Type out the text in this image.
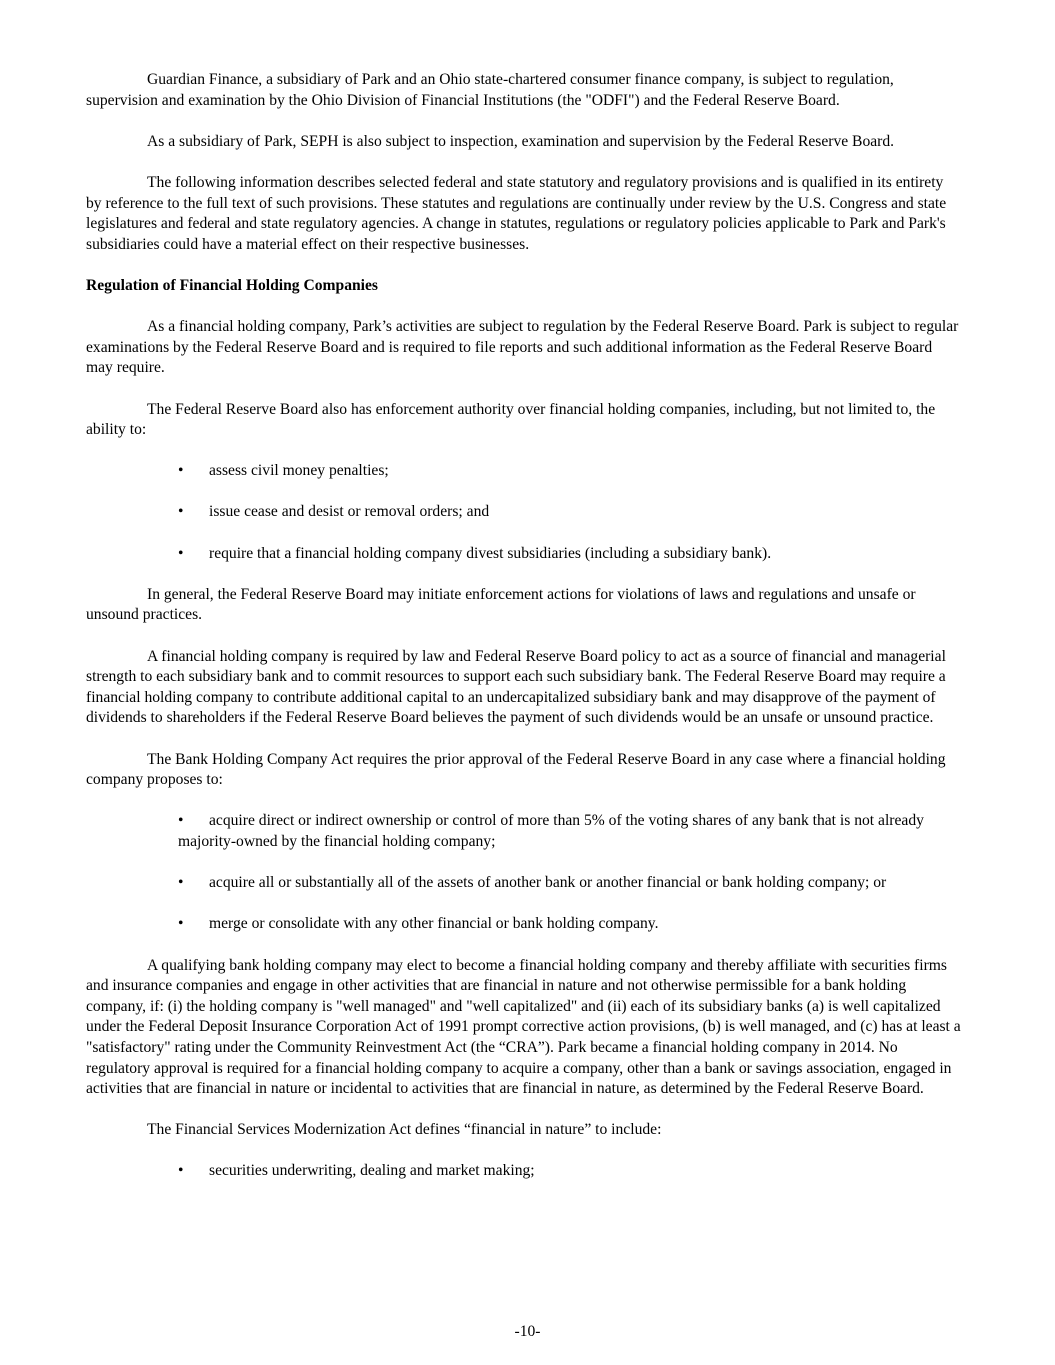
Guardian Finance, a subsidiary of Park and an Ohio state-chartered consumer finance company, is subject to regulation, supervision and examination by the Ohio Division of Financial Institutions (the "ODFI") and the Federal Reserve Board.

As a subsidiary of Park, SEPH is also subject to inspection, examination and supervision by the Federal Reserve Board.

The following information describes selected federal and state statutory and regulatory provisions and is qualified in its entirety by reference to the full text of such provisions. These statutes and regulations are continually under review by the U.S. Congress and state legislatures and federal and state regulatory agencies. A change in statutes, regulations or regulatory policies applicable to Park and Park's subsidiaries could have a material effect on their respective businesses.

Regulation of Financial Holding Companies

As a financial holding company, Park’s activities are subject to regulation by the Federal Reserve Board. Park is subject to regular examinations by the Federal Reserve Board and is required to file reports and such additional information as the Federal Reserve Board may require.

The Federal Reserve Board also has enforcement authority over financial holding companies, including, but not limited to, the ability to:

• assess civil money penalties;

• issue cease and desist or removal orders; and

• require that a financial holding company divest subsidiaries (including a subsidiary bank).

In general, the Federal Reserve Board may initiate enforcement actions for violations of laws and regulations and unsafe or unsound practices.

A financial holding company is required by law and Federal Reserve Board policy to act as a source of financial and managerial strength to each subsidiary bank and to commit resources to support each such subsidiary bank. The Federal Reserve Board may require a financial holding company to contribute additional capital to an undercapitalized subsidiary bank and may disapprove of the payment of dividends to shareholders if the Federal Reserve Board believes the payment of such dividends would be an unsafe or unsound practice.

The Bank Holding Company Act requires the prior approval of the Federal Reserve Board in any case where a financial holding company proposes to:

• acquire direct or indirect ownership or control of more than 5% of the voting shares of any bank that is not already majority-owned by the financial holding company;

• acquire all or substantially all of the assets of another bank or another financial or bank holding company; or

• merge or consolidate with any other financial or bank holding company.

A qualifying bank holding company may elect to become a financial holding company and thereby affiliate with securities firms and insurance companies and engage in other activities that are financial in nature and not otherwise permissible for a bank holding company, if: (i) the holding company is "well managed" and "well capitalized" and (ii) each of its subsidiary banks (a) is well capitalized under the Federal Deposit Insurance Corporation Act of 1991 prompt corrective action provisions, (b) is well managed, and (c) has at least a "satisfactory" rating under the Community Reinvestment Act (the “CRA”). Park became a financial holding company in 2014. No regulatory approval is required for a financial holding company to acquire a company, other than a bank or savings association, engaged in activities that are financial in nature or incidental to activities that are financial in nature, as determined by the Federal Reserve Board.

The Financial Services Modernization Act defines “financial in nature” to include:

• securities underwriting, dealing and market making;

-10-
